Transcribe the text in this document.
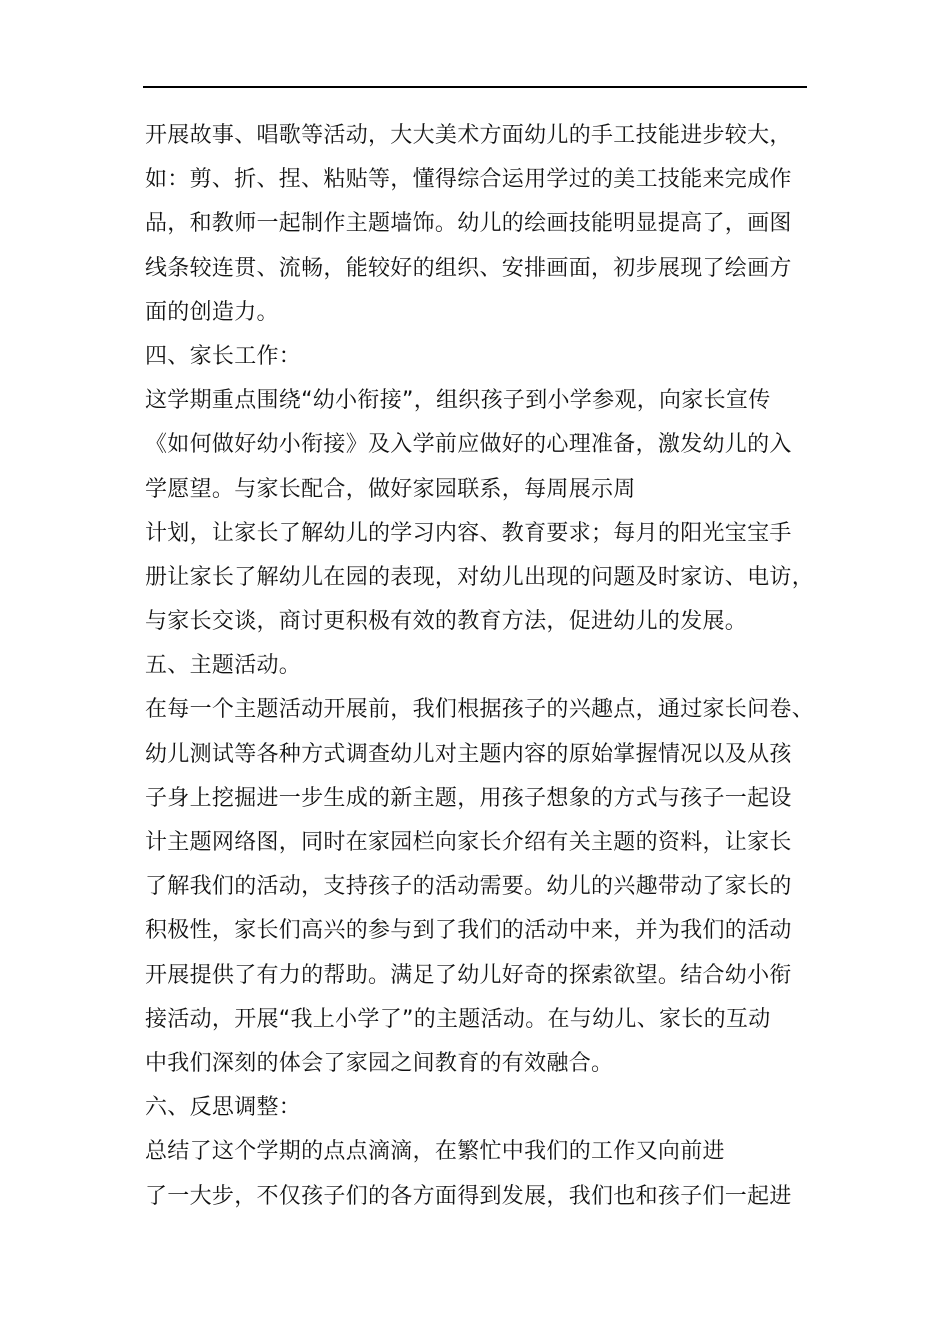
开展故事、唱歌等活动，大大美术方面幼儿的手工技能进步较大，
如：剪、折、捏、粘贴等，懂得综合运用学过的美工技能来完成作
品，和教师一起制作主题墙饰。幼儿的绘画技能明显提高了，画图
线条较连贯、流畅，能较好的组织、安排画面，初步展现了绘画方
面的创造力。
四、家长工作：
这学期重点围绕“幼小衔接”，组织孩子到小学参观，向家长宣传
《如何做好幼小衔接》及入学前应做好的心理准备，激发幼儿的入
学愿望。与家长配合，做好家园联系，每周展示周
计划，让家长了解幼儿的学习内容、教育要求；每月的阳光宝宝手
册让家长了解幼儿在园的表现，对幼儿出现的问题及时家访、电访，
与家长交谈，商讨更积极有效的教育方法，促进幼儿的发展。
五、主题活动。
在每一个主题活动开展前，我们根据孩子的兴趣点，通过家长问卷、
幼儿测试等各种方式调查幼儿对主题内容的原始掌握情况以及从孩
子身上挖掘进一步生成的新主题，用孩子想象的方式与孩子一起设
计主题网络图，同时在家园栏向家长介绍有关主题的资料，让家长
了解我们的活动，支持孩子的活动需要。幼儿的兴趣带动了家长的
积极性，家长们高兴的参与到了我们的活动中来，并为我们的活动
开展提供了有力的帮助。满足了幼儿好奇的探索欲望。结合幼小衔
接活动，开展“我上小学了”的主题活动。在与幼儿、家长的互动
中我们深刻的体会了家园之间教育的有效融合。
六、反思调整：
总结了这个学期的点点滴滴，在繁忙中我们的工作又向前进
了一大步，不仅孩子们的各方面得到发展，我们也和孩子们一起进
